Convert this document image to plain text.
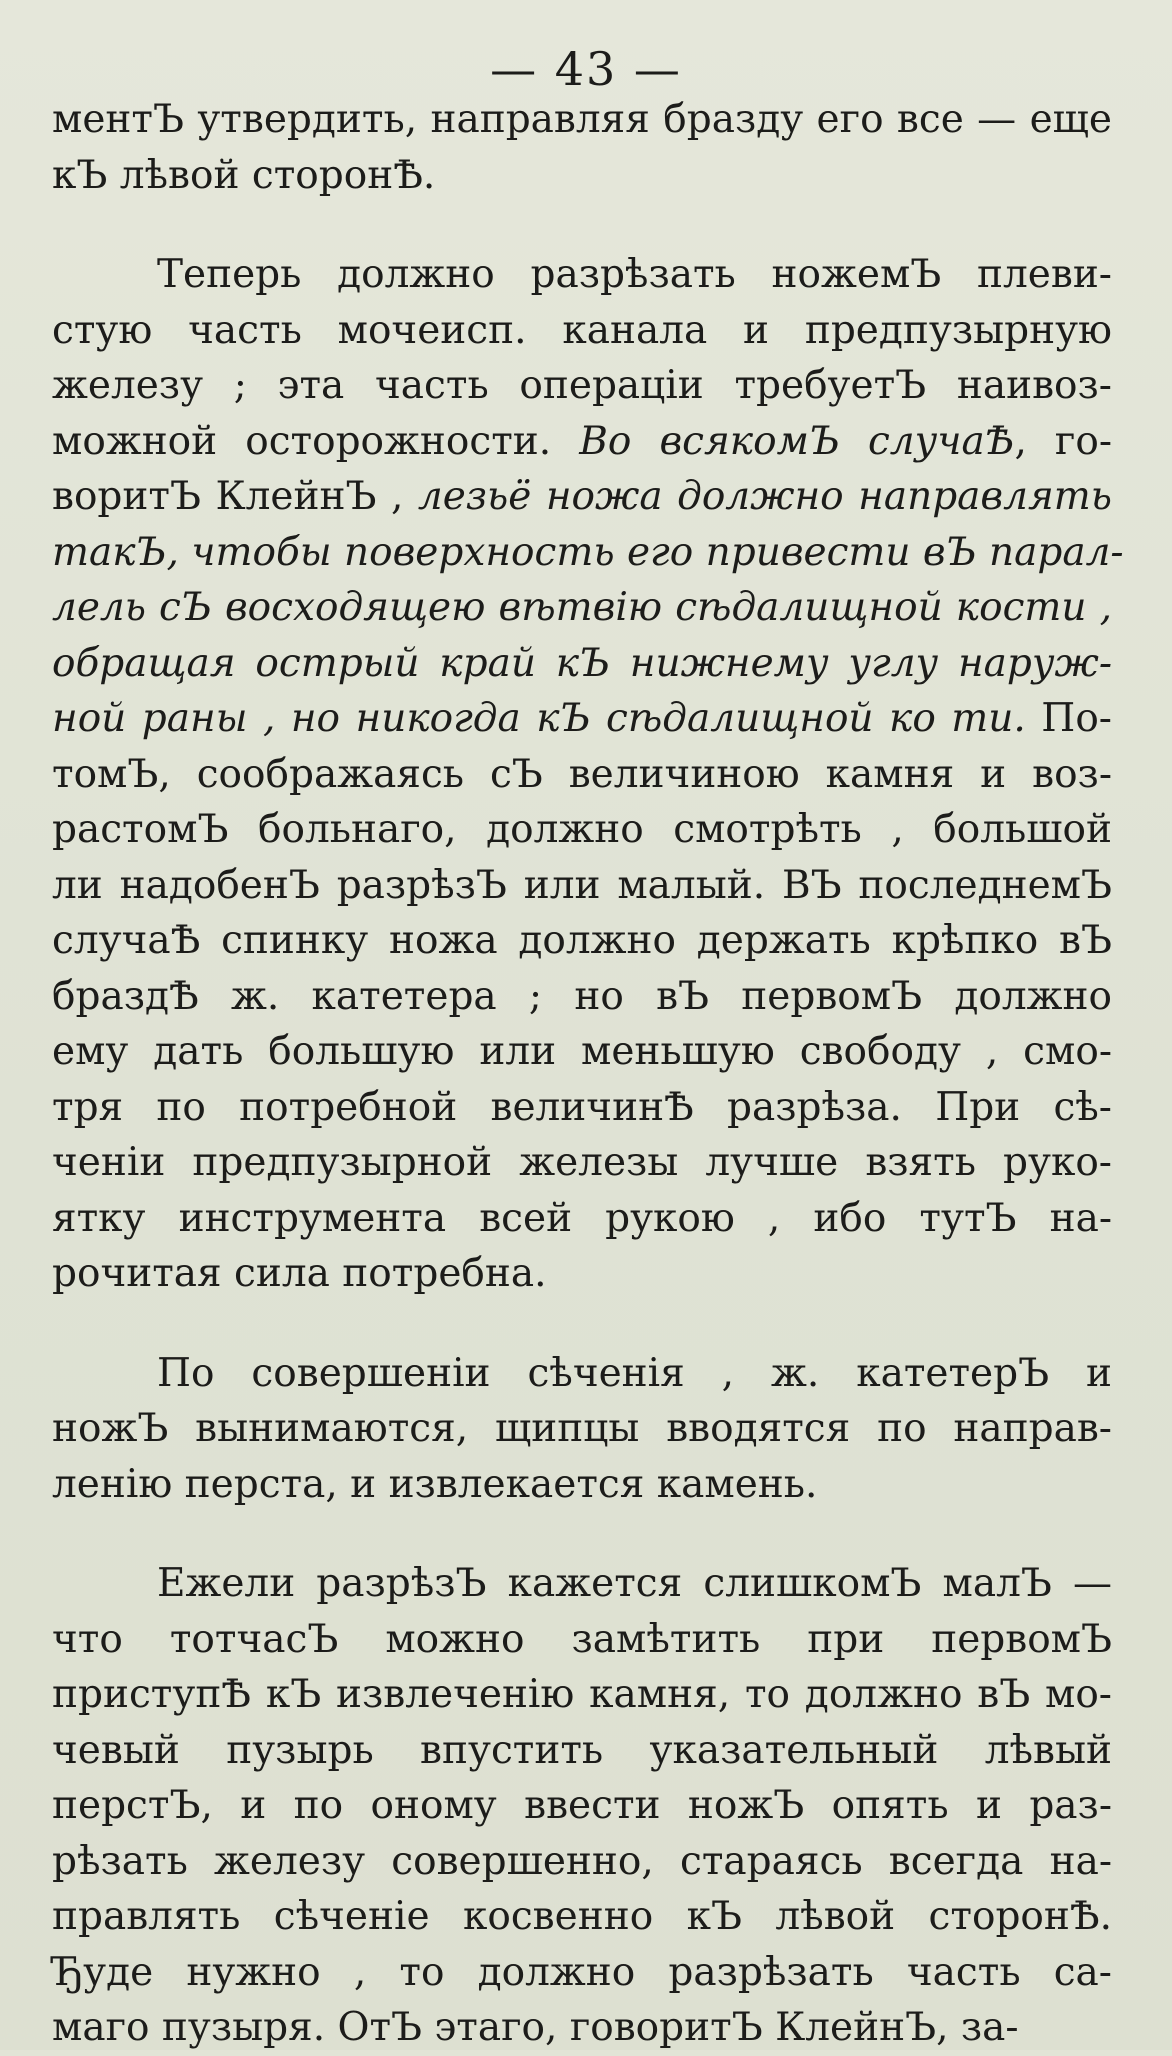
— 43 —
ментЪ утвердить, направляя бразду его все — еще
кЪ лѣвой сторонѢ.
Теперь должно разрѣзать ножемЪ плеви-
стую часть мочеисп. канала и предпузырную
железу ; эта часть операціи требуетЪ наивоз-
можной осторожности. Во всякомЪ случаѢ, го-
воритЪ КлейнЪ , лезьё ножа должно направлять
такЪ, чтобы поверхность его привести вЪ парал-
лель сЪ восходящею вѣтвію сѣдалищной кости ,
обращая острый край кЪ нижнему углу наруж-
ной раны , но никогда кЪ сѣдалищной ко ти. По-
томЪ, соображаясь сЪ величиною камня и воз-
растомЪ больнаго, должно смотрѣть , большой
ли надобенЪ разрѣзЪ или малый. ВЪ последнемЪ
случаѢ спинку ножа должно держать крѣпко вЪ
браздѢ ж. катетера ; но вЪ первомЪ должно
ему дать большую или меньшую свободу , смо-
тря по потребной величинѢ разрѣза. При сѣ-
ченіи предпузырной железы лучше взять руко-
ятку инструмента всей рукою , ибо тутЪ на-
рочитая сила потребна.
По совершеніи сѣченія , ж. катетерЪ и
ножЪ вынимаются, щипцы вводятся по направ-
ленію перста, и извлекается камень.
Ежели разрѣзЪ кажется слишкомЪ малЪ —
что тотчасЪ можно замѣтить при первомЪ
приступѢ кЪ извлеченію камня, то должно вЪ мо-
чевый пузырь впустить указательный лѣвый
перстЪ, и по оному ввести ножЪ опять и раз-
рѣзать железу совершенно, стараясь всегда на-
правлять сѣченіе косвенно кЪ лѣвой сторонѢ.
Ђуде нужно , то должно разрѣзать часть са-
маго пузыря. ОтЪ этаго, говоритЪ КлейнЪ, за-
